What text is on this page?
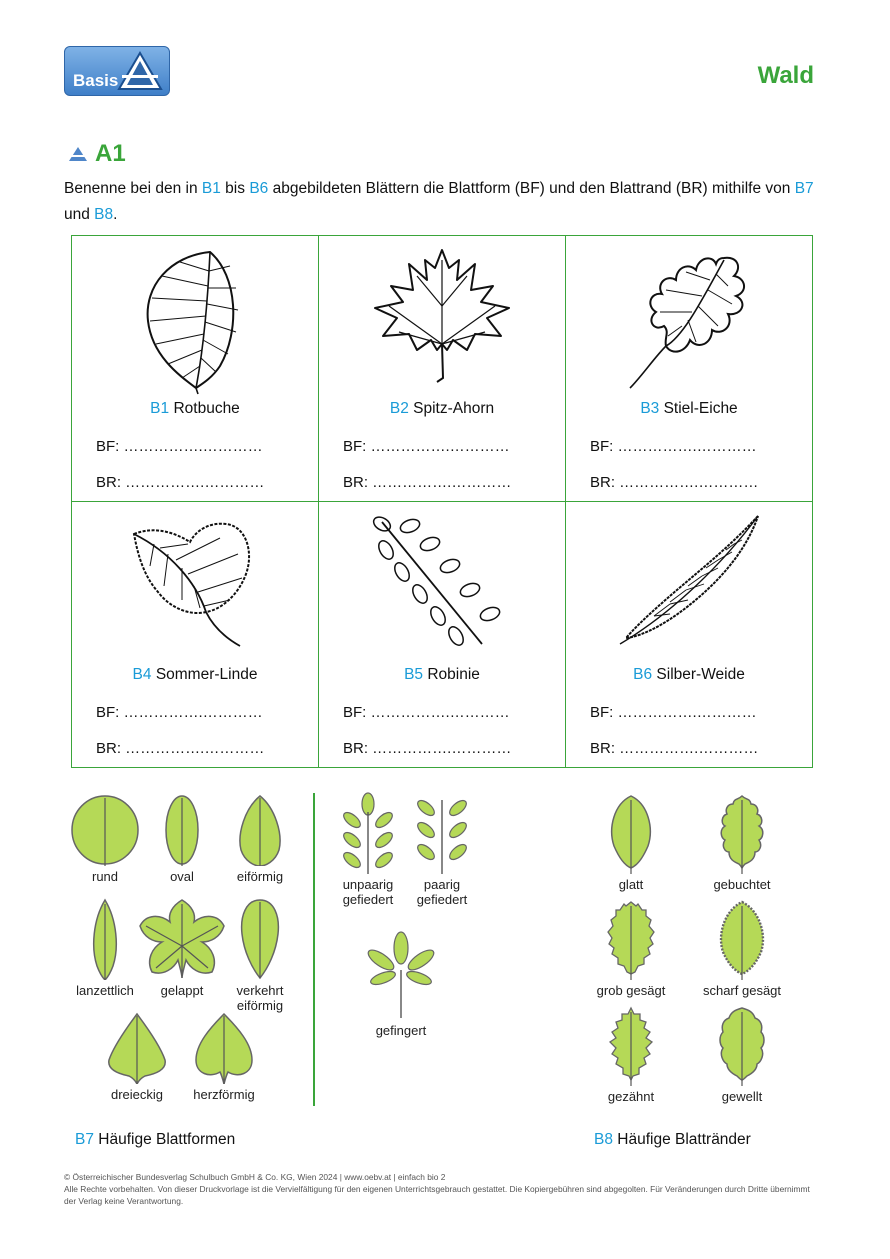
Basis	Wald
A1
Benenne bei den in B1 bis B6 abgebildeten Blättern die Blattform (BF) und den Blattrand (BR) mithilfe von B7 und B8.
B1 Rotbuche
BF: …………….…………
BR: …………….…………
B2 Spitz-Ahorn
BF: …………….…………
BR: …………….…………
B3 Stiel-Eiche
BF: …………….…………
BR: …………….…………
B4 Sommer-Linde
BF: …………….…………
BR: …………….…………
B5 Robinie
BF: …………….…………
BR: …………….…………
B6 Silber-Weide
BF: …………….…………
BR: …………….…………
rund	oval	eiförmig
lanzettlich	gelappt	verkehrt eiförmig
dreieckig	herzförmig
unpaarig gefiedert
paarig gefiedert
gefingert
glatt	gebuchtet
grob gesägt	scharf gesägt
gezähnt	gewellt
B7 Häufige Blattformen	B8 Häufige Blattränder
© Österreichischer Bundesverlag Schulbuch GmbH & Co. KG, Wien 2024 | www.oebv.at | einfach bio 2
Alle Rechte vorbehalten. Von dieser Druckvorlage ist die Vervielfältigung für den eigenen Unterrichtsgebrauch gestattet. Die Kopiergebühren sind abgegolten. Für Veränderungen durch Dritte übernimmt der Verlag keine Verantwortung.
